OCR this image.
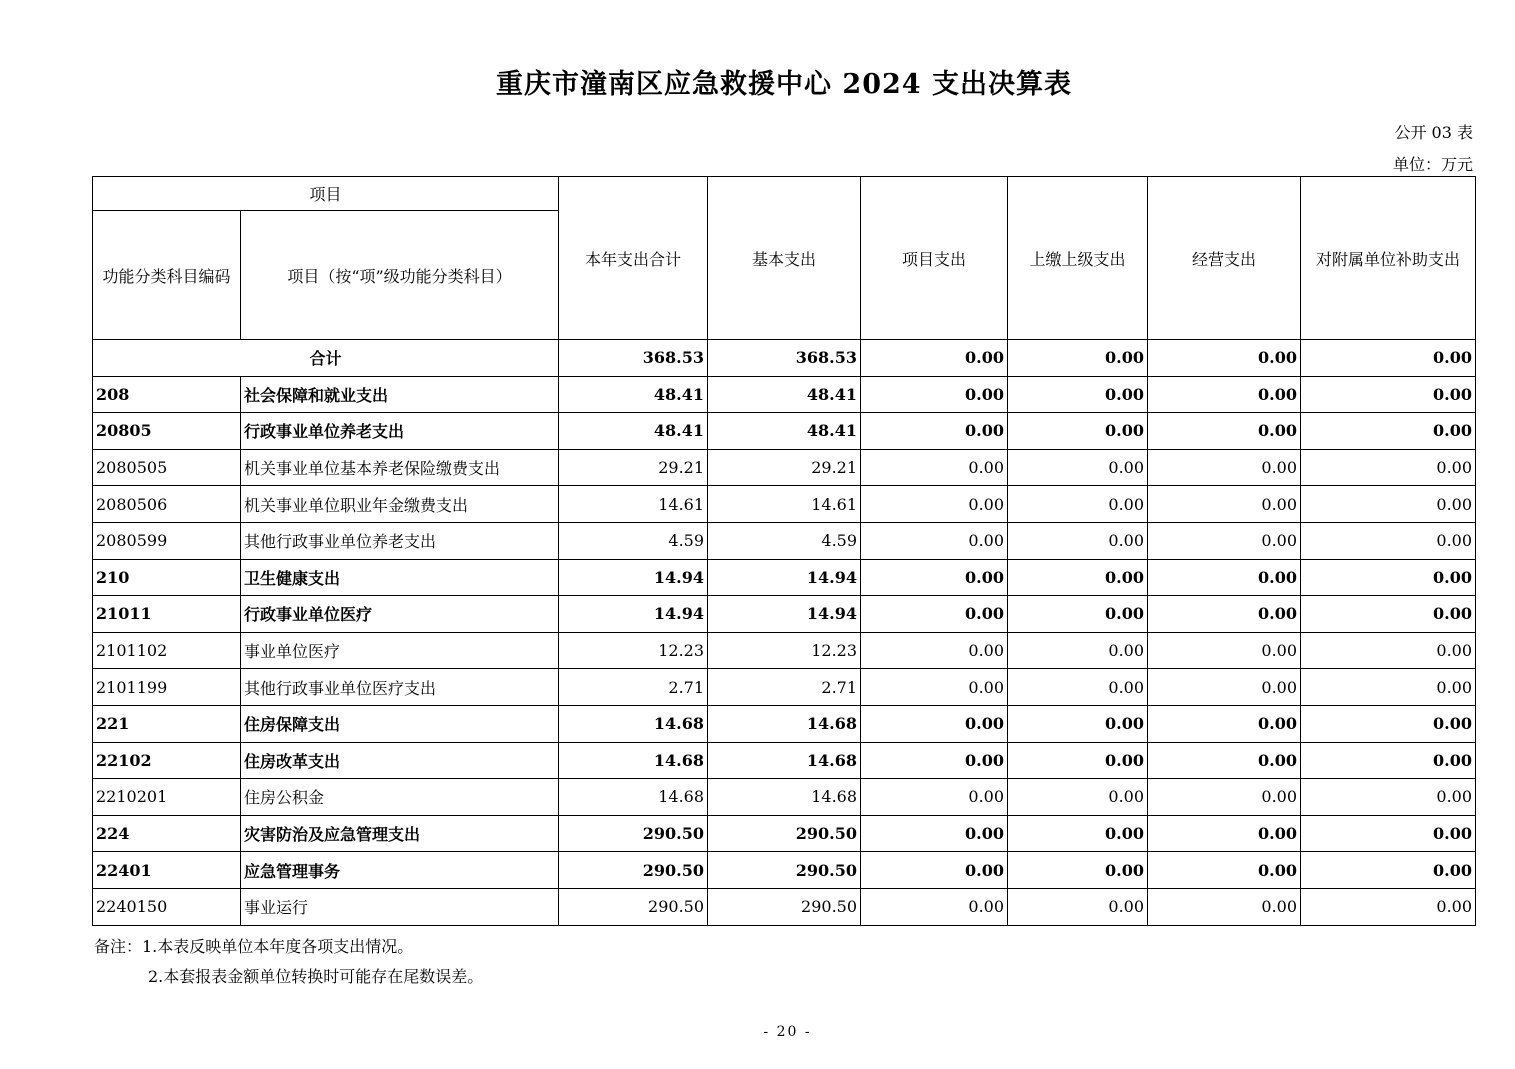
重庆市潼南区应急救援中心 2024 支出决算表
公开 03 表
单位：万元
项目		本年支出合计	基本支出	项目支出	上缴上级支出	经营支出	对附属单位补助支出
功能分类科目编码	项目（按“项”级功能分类科目）						
合计		368.53	368.53	0.00	0.00	0.00	0.00
208	社会保障和就业支出	48.41	48.41	0.00	0.00	0.00	0.00
20805	行政事业单位养老支出	48.41	48.41	0.00	0.00	0.00	0.00
2080505	机关事业单位基本养老保险缴费支出	29.21	29.21	0.00	0.00	0.00	0.00
2080506	机关事业单位职业年金缴费支出	14.61	14.61	0.00	0.00	0.00	0.00
2080599	其他行政事业单位养老支出	4.59	4.59	0.00	0.00	0.00	0.00
210	卫生健康支出	14.94	14.94	0.00	0.00	0.00	0.00
21011	行政事业单位医疗	14.94	14.94	0.00	0.00	0.00	0.00
2101102	事业单位医疗	12.23	12.23	0.00	0.00	0.00	0.00
2101199	其他行政事业单位医疗支出	2.71	2.71	0.00	0.00	0.00	0.00
221	住房保障支出	14.68	14.68	0.00	0.00	0.00	0.00
22102	住房改革支出	14.68	14.68	0.00	0.00	0.00	0.00
2210201	住房公积金	14.68	14.68	0.00	0.00	0.00	0.00
224	灾害防治及应急管理支出	290.50	290.50	0.00	0.00	0.00	0.00
22401	应急管理事务	290.50	290.50	0.00	0.00	0.00	0.00
2240150	事业运行	290.50	290.50	0.00	0.00	0.00	0.00
备注：1.本表反映单位本年度各项支出情况。
2.本套报表金额单位转换时可能存在尾数误差。
- 20 -
